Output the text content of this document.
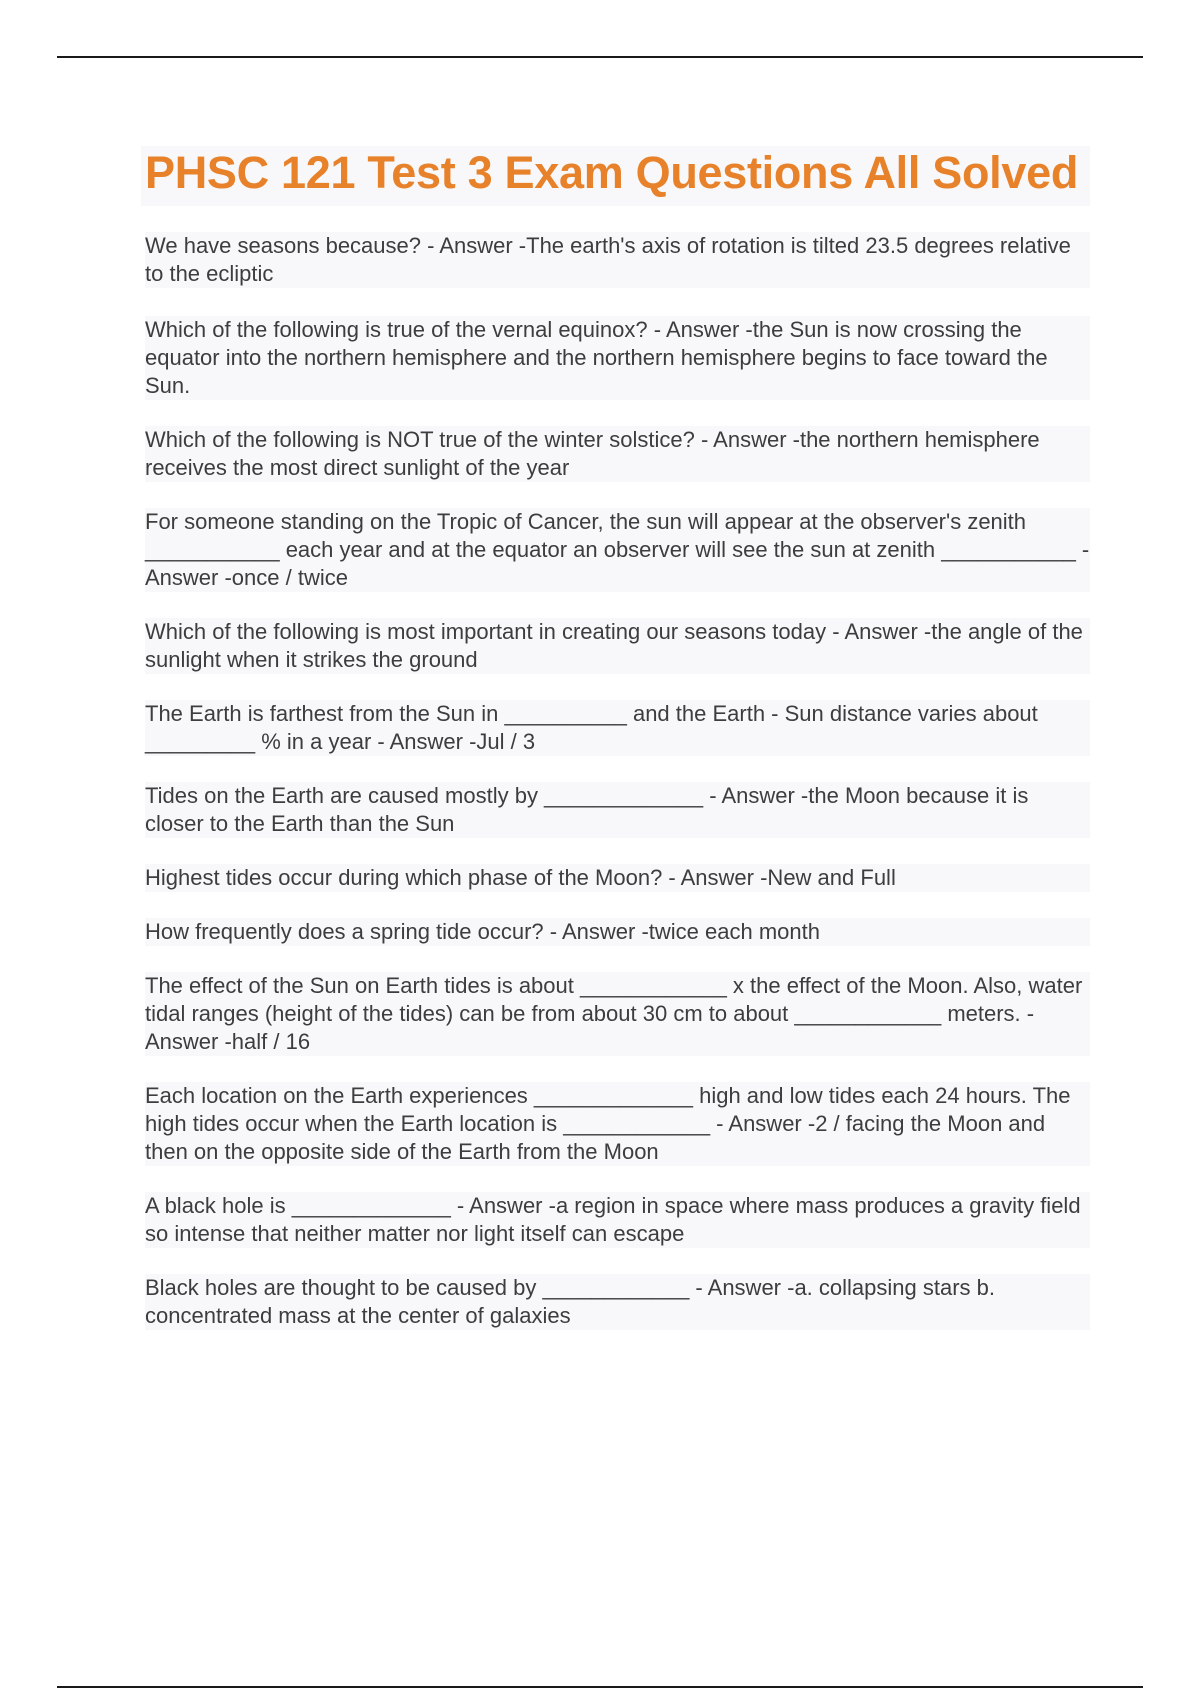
PHSC 121 Test 3 Exam Questions All Solved

We have seasons because? - Answer -The earth's axis of rotation is tilted 23.5 degrees relative to the ecliptic

Which of the following is true of the vernal equinox? - Answer -the Sun is now crossing the equator into the northern hemisphere and the northern hemisphere begins to face toward the Sun.

Which of the following is NOT true of the winter solstice? - Answer -the northern hemisphere receives the most direct sunlight of the year

For someone standing on the Tropic of Cancer, the sun will appear at the observer's zenith ___________ each year and at the equator an observer will see the sun at zenith ___________ - Answer -once / twice

Which of the following is most important in creating our seasons today - Answer -the angle of the sunlight when it strikes the ground

The Earth is farthest from the Sun in __________ and the Earth - Sun distance varies about _________ % in a year - Answer -Jul / 3

Tides on the Earth are caused mostly by _____________ - Answer -the Moon because it is closer to the Earth than the Sun

Highest tides occur during which phase of the Moon? - Answer -New and Full

How frequently does a spring tide occur? - Answer -twice each month

The effect of the Sun on Earth tides is about ____________ x the effect of the Moon. Also, water tidal ranges (height of the tides) can be from about 30 cm to about ____________ meters. - Answer -half / 16

Each location on the Earth experiences _____________ high and low tides each 24 hours. The high tides occur when the Earth location is ____________ - Answer -2 / facing the Moon and then on the opposite side of the Earth from the Moon

A black hole is _____________ - Answer -a region in space where mass produces a gravity field so intense that neither matter nor light itself can escape

Black holes are thought to be caused by ____________ - Answer -a. collapsing stars b. concentrated mass at the center of galaxies
